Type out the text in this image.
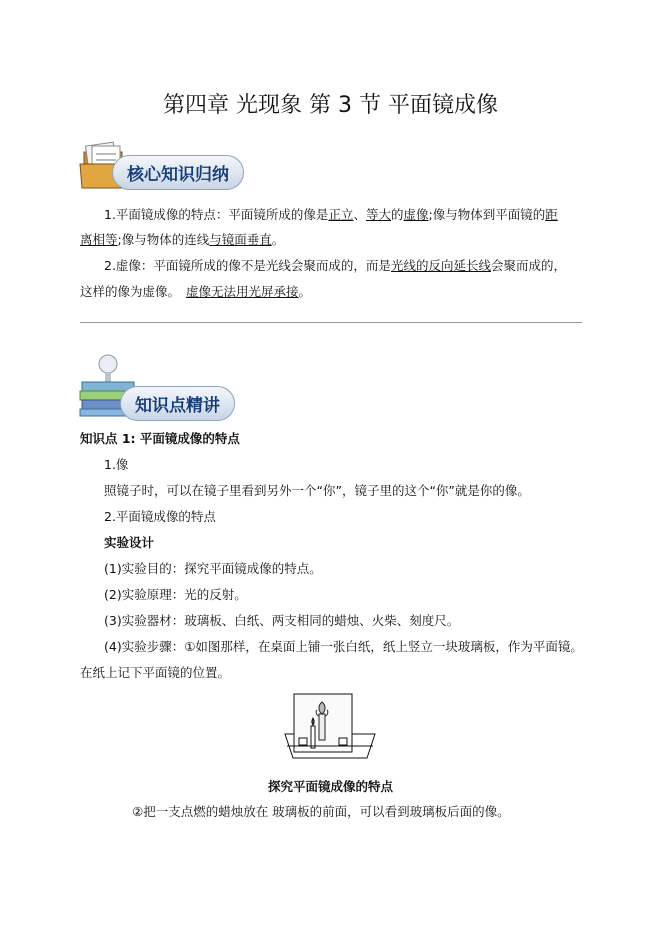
第四章 光现象 第 3 节 平面镜成像
核心知识归纳
1.平面镜成像的特点：平面镜所成的像是正立、等大的虚像;像与物体到平面镜的距
离相等;像与物体的连线与镜面垂直。
2.虚像：平面镜所成的像不是光线会聚而成的，而是光线的反向延长线会聚而成的，
这样的像为虚像。 虚像无法用光屏承接。
知识点精讲
知识点 1: 平面镜成像的特点
1.像
照镜子时，可以在镜子里看到另外一个“你”，镜子里的这个“你”就是你的像。
2.平面镜成像的特点
实验设计
(1)实验目的：探究平面镜成像的特点。
(2)实验原理：光的反射。
(3)实验器材：玻璃板、白纸、两支相同的蜡烛、火柴、刻度尺。
(4)实验步骤：①如图那样，在桌面上铺一张白纸，纸上竖立一块玻璃板，作为平面镜。
在纸上记下平面镜的位置。
探究平面镜成像的特点
②把一支点燃的蜡烛放在 玻璃板的前面，可以看到玻璃板后面的像。
